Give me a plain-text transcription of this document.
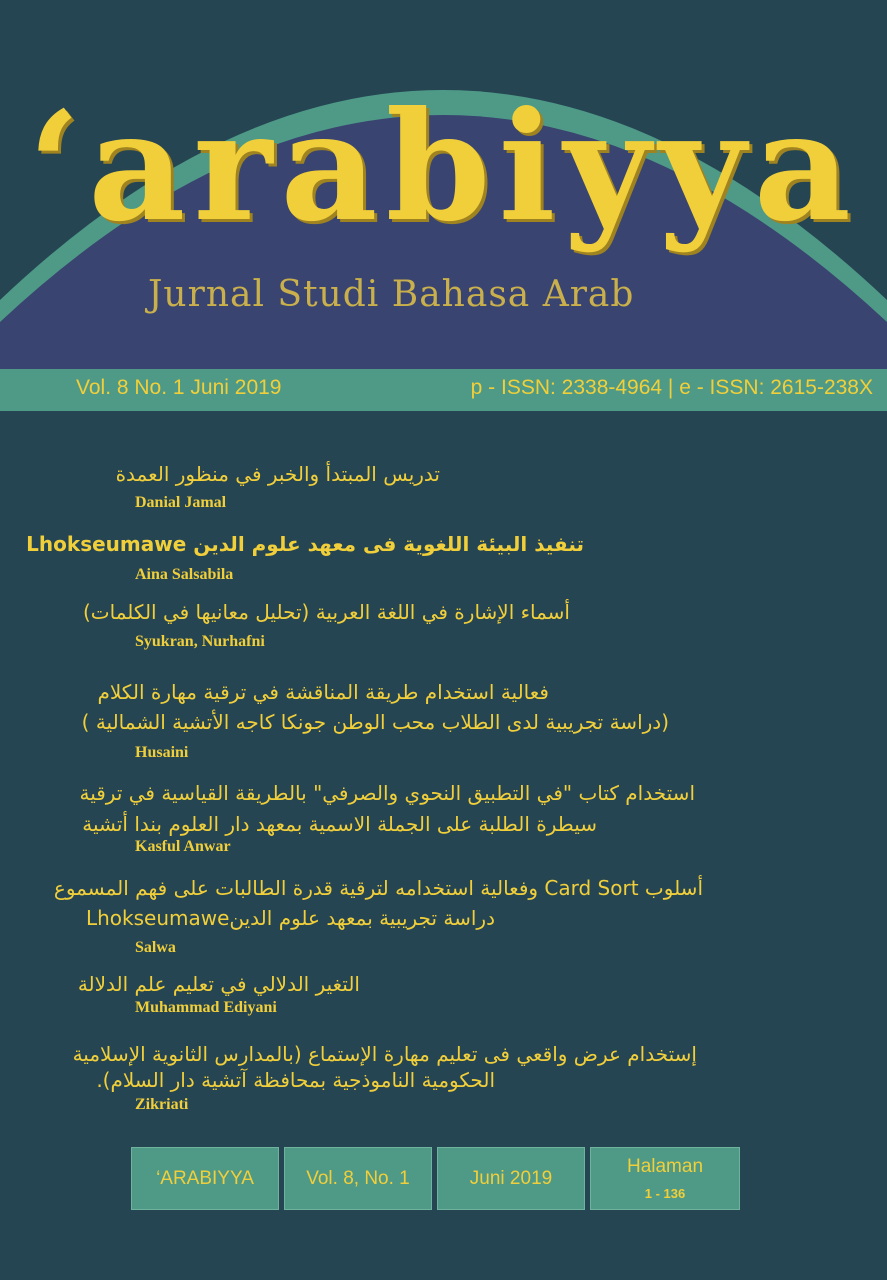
‘arabiyya
Jurnal Studi Bahasa Arab
Vol. 8 No. 1 Juni 2019	p - ISSN: 2338-4964 | e - ISSN: 2615-238X
تدريس المبتدأ والخبر في منظور العمدة
Danial Jamal
تنفيذ البيئة اللغوية فى معهد علوم الدين Lhokseumawe
Aina Salsabila
أسماء الإشارة في اللغة العربية (تحليل معانيها في الكلمات)
Syukran, Nurhafni
فعالية استخدام طريقة المناقشة في ترقية مهارة الكلام
(دراسة تجريبية لدى الطلاب محب الوطن جونكا كاجه الأتشية الشمالية )
Husaini
استخدام كتاب "في التطبيق النحوي والصرفي" بالطريقة القياسية في ترقية
سيطرة الطلبة على الجملة الاسمية بمعهد دار العلوم بندا أتشية
Kasful Anwar
أسلوب Card Sort وفعالية استخدامه لترقية قدرة الطالبات على فهم المسموع
دراسة تجريبية بمعهد علوم الدينLhokseumawe
Salwa
التغير الدلالي في تعليم علم الدلالة
Muhammad Ediyani
إستخدام عرض واقعي فى تعليم مهارة الإستماع (بالمدارس الثانوية الإسلامية
الحكومية الناموذجية بمحافظة آتشية دار السلام).
Zikriati
‘ARABIYYA	Vol. 8, No. 1	Juni 2019
Halaman
1 - 136
